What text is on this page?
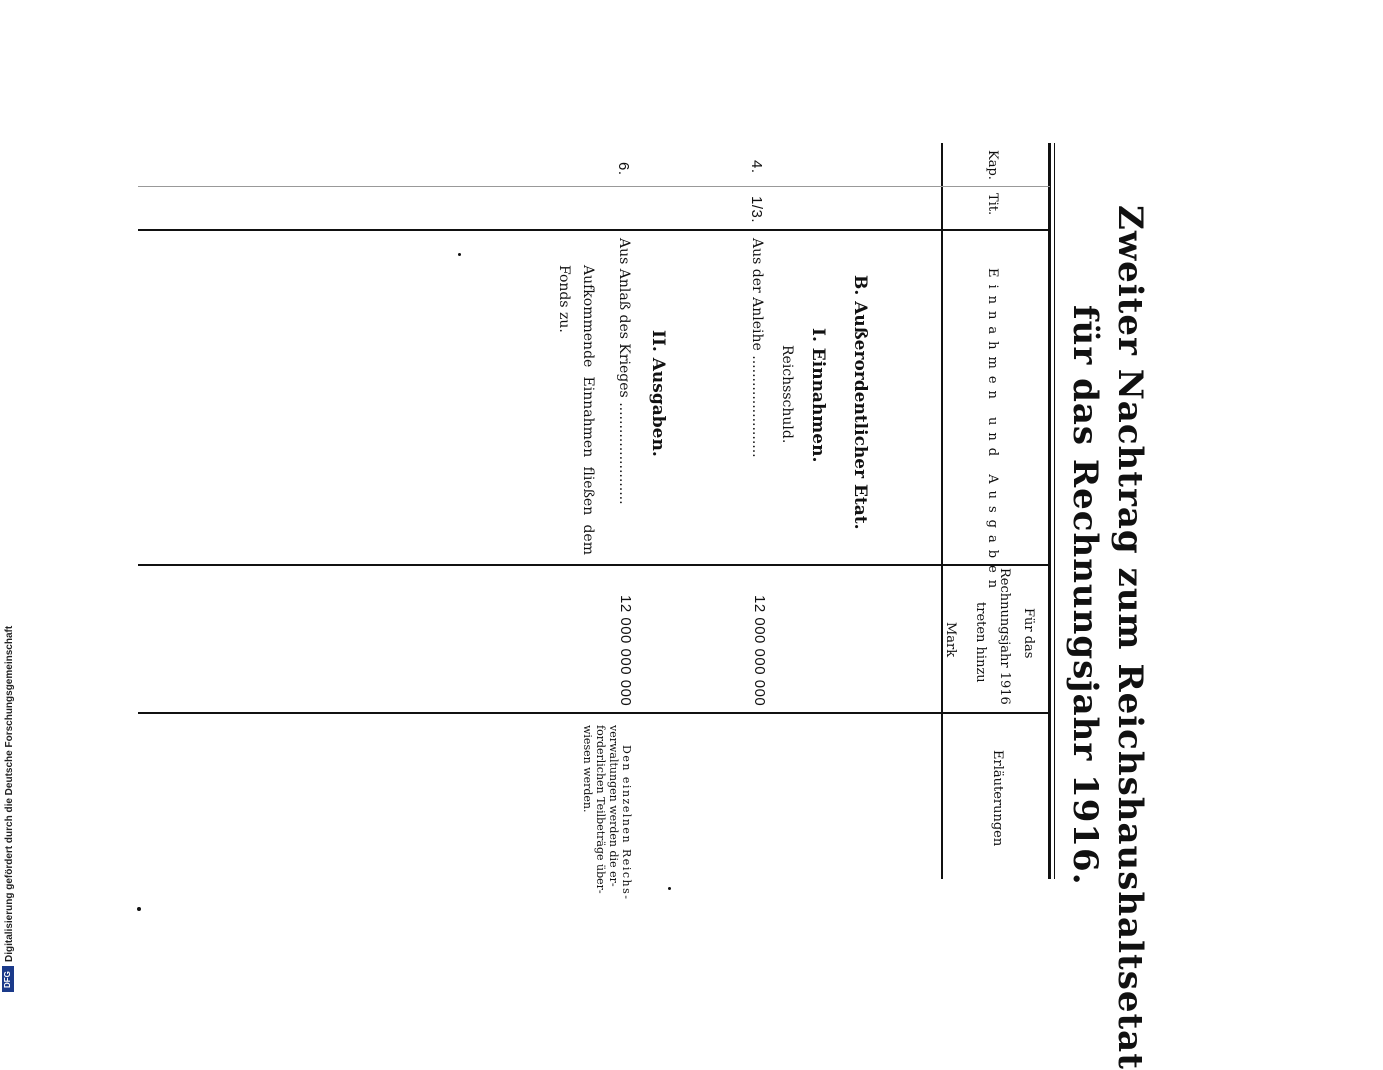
Zweiter Nachtrag zum Reichshaushaltsetat
für das Rechnungsjahr 1916.
Kap.
Tit.
Einnahmen und Ausgaben
Für das
Rechnungsjahr 1916
treten hinzu
Mark
Erläuterungen
B. Außerordentlicher Etat.
I. Einnahmen.
Reichsschuld.
4.
1/3.
Aus der Anleihe .......................
12 000 000 000
II. Ausgaben.
6.
Aus Anlaß des Krieges .......................
12 000 000 000
Aufkommende Einnahmen fließen dem Fonds zu.
Den einzelnen Reichs-
verwaltungen werden die er-
forderlichen Teilbeträge über-
wiesen werden.
Digitalisierung gefördert durch die Deutsche Forschungsgemeinschaft
DFG
